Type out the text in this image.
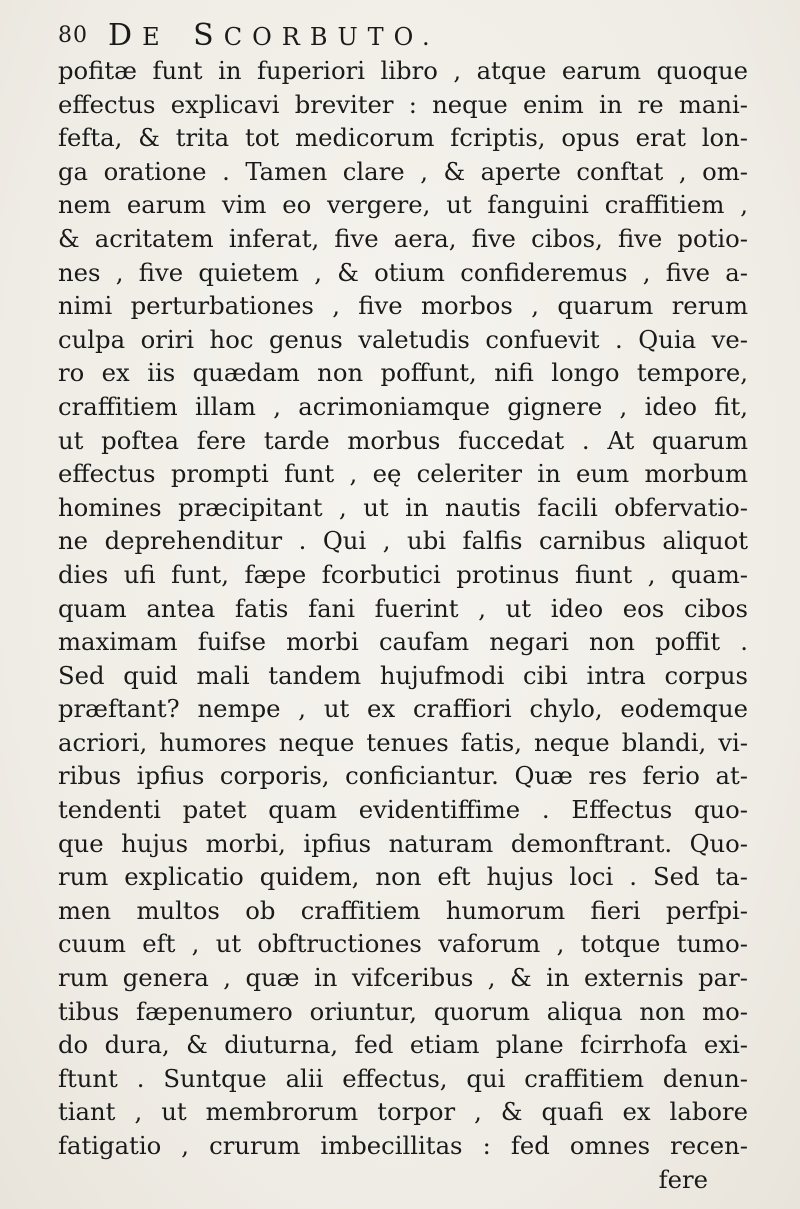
80 DE SCORBUTO.
pofitæ funt in fuperiori libro , atque earum quoque
effectus explicavi breviter : neque enim in re mani-
fefta, & trita tot medicorum fcriptis, opus erat lon-
ga oratione . Tamen clare , & aperte conftat , om-
nem earum vim eo vergere, ut fanguini craffitiem ,
& acritatem inferat, five aera, five cibos, five potio-
nes , five quietem , & otium confideremus , five a-
nimi perturbationes , five morbos , quarum rerum
culpa oriri hoc genus valetudis confuevit . Quia ve-
ro ex iis quædam non poffunt, nifi longo tempore,
craffitiem illam , acrimoniamque gignere , ideo fit,
ut poftea fere tarde morbus fuccedat . At quarum
effectus prompti funt , eę celeriter in eum morbum
homines præcipitant , ut in nautis facili obfervatio-
ne deprehenditur . Qui , ubi falfis carnibus aliquot
dies ufi funt, fæpe fcorbutici protinus fiunt , quam-
quam antea fatis fani fuerint , ut ideo eos cibos
maximam fuifse morbi caufam negari non poffit .
Sed quid mali tandem hujufmodi cibi intra corpus
præftant? nempe , ut ex craffiori chylo, eodemque
acriori, humores neque tenues fatis, neque blandi, vi-
ribus ipfius corporis, conficiantur. Quæ res ferio at-
tendenti patet quam evidentiffime . Effectus quo-
que hujus morbi, ipfius naturam demonftrant. Quo-
rum explicatio quidem, non eft hujus loci . Sed ta-
men multos ob craffitiem humorum fieri perfpi-
cuum eft , ut obftructiones vaforum , totque tumo-
rum genera , quæ in vifceribus , & in externis par-
tibus fæpenumero oriuntur, quorum aliqua non mo-
do dura, & diuturna, fed etiam plane fcirrhofa exi-
ftunt . Suntque alii effectus, qui craffitiem denun-
tiant , ut membrorum torpor , & quafi ex labore
fatigatio , crurum imbecillitas : fed omnes recen-
fere
